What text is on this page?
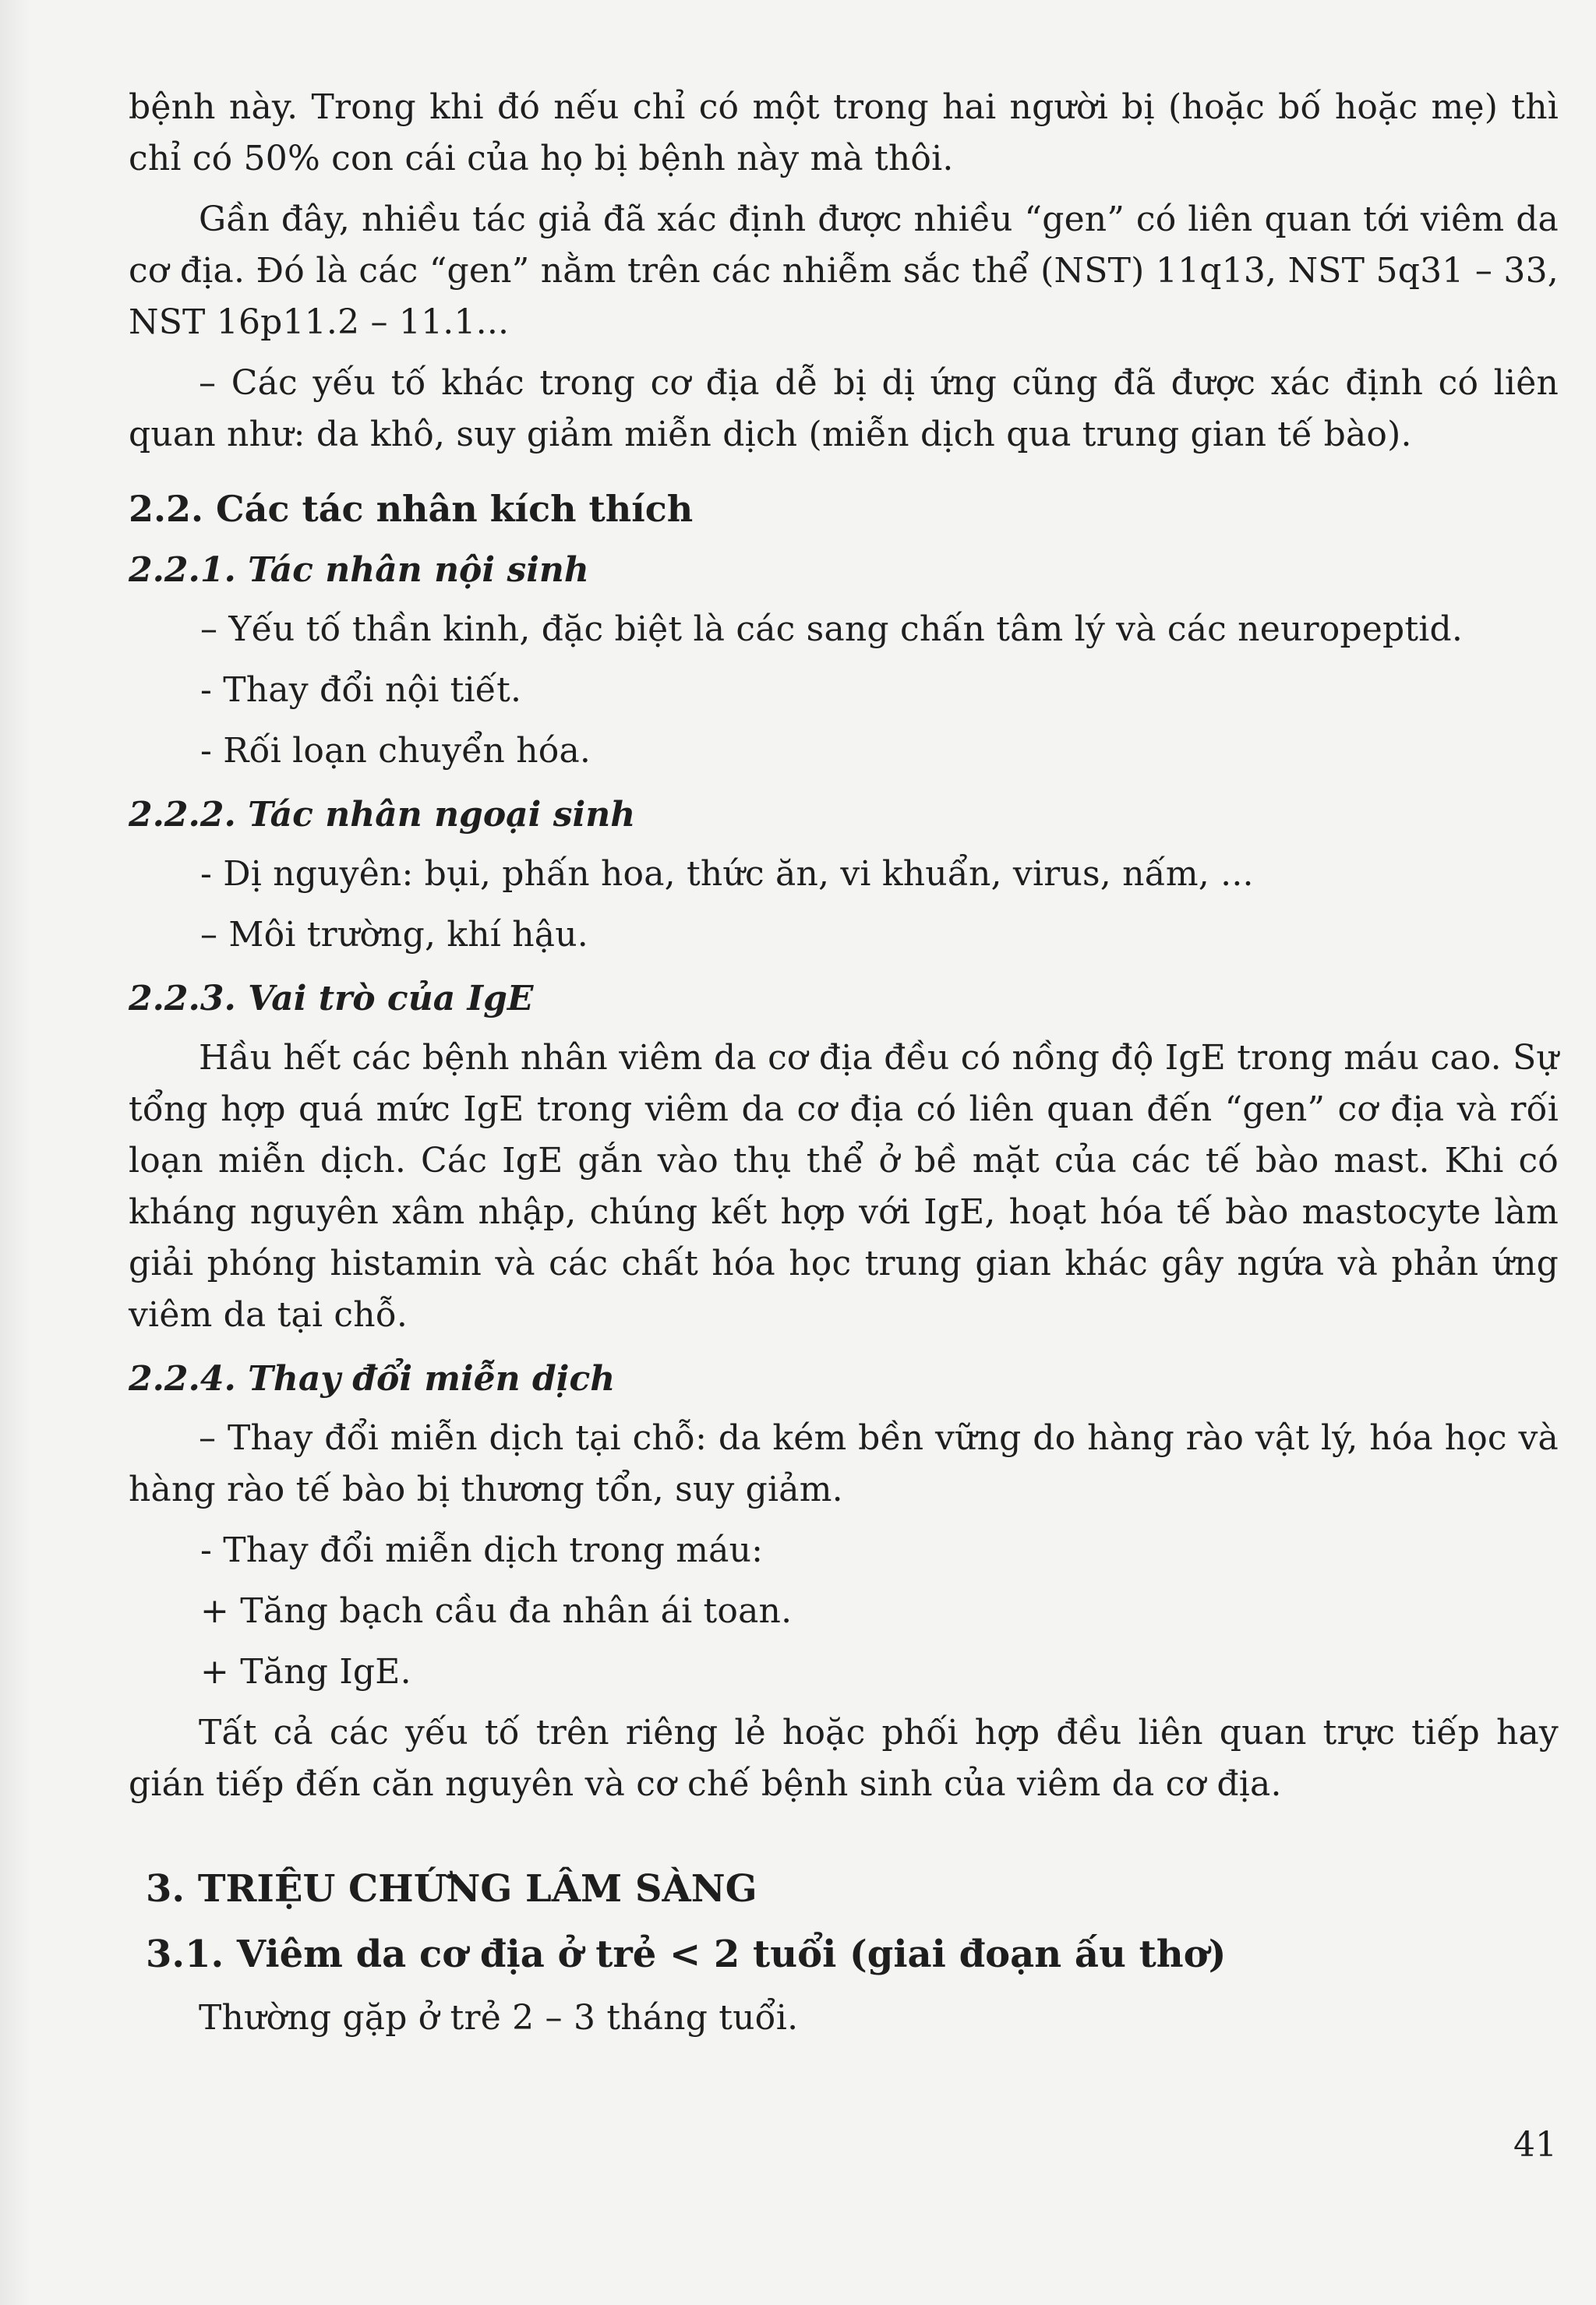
bệnh này. Trong khi đó nếu chỉ có một trong hai người bị (hoặc bố hoặc mẹ) thì chỉ có 50% con cái của họ bị bệnh này mà thôi.

Gần đây, nhiều tác giả đã xác định được nhiều “gen” có liên quan tới viêm da cơ địa. Đó là các “gen” nằm trên các nhiễm sắc thể (NST) 11q13, NST 5q31 – 33, NST 16p11.2 – 11.1...

– Các yếu tố khác trong cơ địa dễ bị dị ứng cũng đã được xác định có liên quan như: da khô, suy giảm miễn dịch (miễn dịch qua trung gian tế bào).

2.2. Các tác nhân kích thích
2.2.1. Tác nhân nội sinh

– Yếu tố thần kinh, đặc biệt là các sang chấn tâm lý và các neuropeptid.

- Thay đổi nội tiết.

- Rối loạn chuyển hóa.

2.2.2. Tác nhân ngoại sinh

- Dị nguyên: bụi, phấn hoa, thức ăn, vi khuẩn, virus, nấm, ...

– Môi trường, khí hậu.

2.2.3. Vai trò của IgE

Hầu hết các bệnh nhân viêm da cơ địa đều có nồng độ IgE trong máu cao. Sự tổng hợp quá mức IgE trong viêm da cơ địa có liên quan đến “gen” cơ địa và rối loạn miễn dịch. Các IgE gắn vào thụ thể ở bề mặt của các tế bào mast. Khi có kháng nguyên xâm nhập, chúng kết hợp với IgE, hoạt hóa tế bào mastocyte làm giải phóng histamin và các chất hóa học trung gian khác gây ngứa và phản ứng viêm da tại chỗ.

2.2.4. Thay đổi miễn dịch

– Thay đổi miễn dịch tại chỗ: da kém bền vững do hàng rào vật lý, hóa học và hàng rào tế bào bị thương tổn, suy giảm.

- Thay đổi miễn dịch trong máu:

+ Tăng bạch cầu đa nhân ái toan.

+ Tăng IgE.

Tất cả các yếu tố trên riêng lẻ hoặc phối hợp đều liên quan trực tiếp hay gián tiếp đến căn nguyên và cơ chế bệnh sinh của viêm da cơ địa.

3. TRIỆU CHỨNG LÂM SÀNG
3.1. Viêm da cơ địa ở trẻ < 2 tuổi (giai đoạn ấu thơ)

Thường gặp ở trẻ 2 – 3 tháng tuổi.

41
